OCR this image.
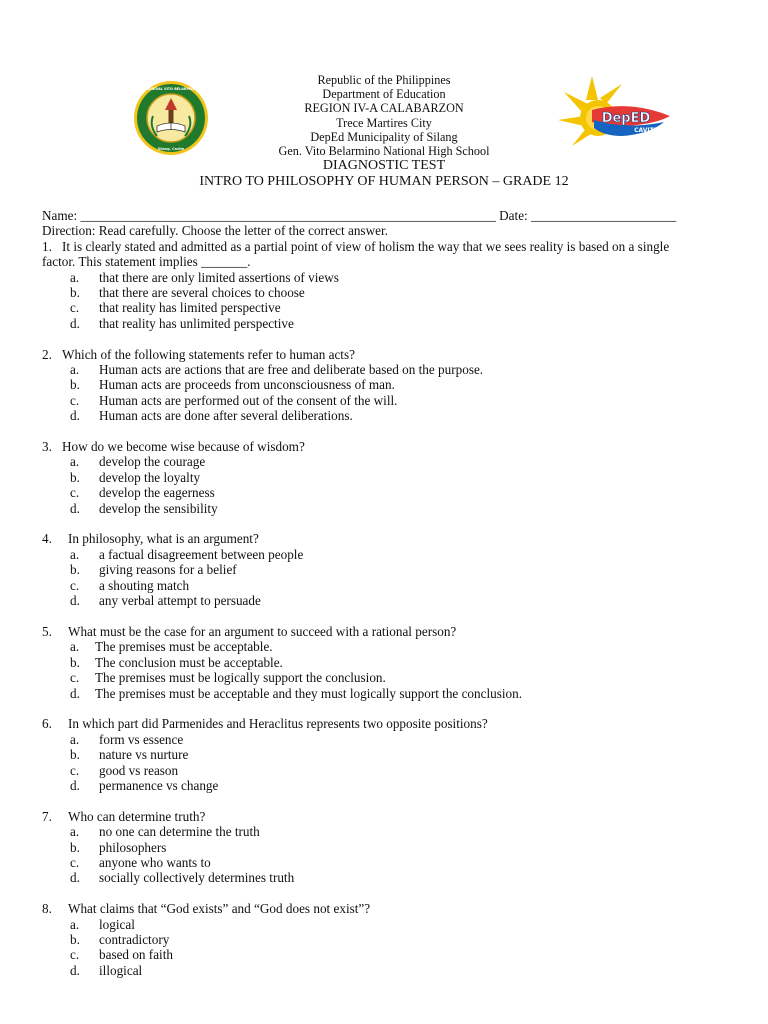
GENERAL VITO BELARMINO
Silang, Cavite
DepED
CAVITE
Republic of the Philippines
Department of Education
REGION IV-A CALABARZON
Trece Martires City
DepEd Municipality of Silang
Gen. Vito Belarmino National High School
DIAGNOSTIC TEST
INTRO TO PHILOSOPHY OF HUMAN PERSON – GRADE 12
Name: _______________________________________________________________ Date: ______________________
Direction: Read carefully. Choose the letter of the correct answer.
1. It is clearly stated and admitted as a partial point of view of holism the way that we sees reality is based on a single
factor. This statement implies _______.
a. that there are only limited assertions of views
b. that there are several choices to choose
c. that reality has limited perspective
d. that reality has unlimited perspective
2. Which of the following statements refer to human acts?
a. Human acts are actions that are free and deliberate based on the purpose.
b. Human acts are proceeds from unconsciousness of man.
c. Human acts are performed out of the consent of the will.
d. Human acts are done after several deliberations.
3. How do we become wise because of wisdom?
a. develop the courage
b. develop the loyalty
c. develop the eagerness
d. develop the sensibility
4. In philosophy, what is an argument?
a. a factual disagreement between people
b. giving reasons for a belief
c. a shouting match
d. any verbal attempt to persuade
5. What must be the case for an argument to succeed with a rational person?
a. The premises must be acceptable.
b. The conclusion must be acceptable.
c. The premises must be logically support the conclusion.
d. The premises must be acceptable and they must logically support the conclusion.
6. In which part did Parmenides and Heraclitus represents two opposite positions?
a. form vs essence
b. nature vs nurture
c. good vs reason
d. permanence vs change
7. Who can determine truth?
a. no one can determine the truth
b. philosophers
c. anyone who wants to
d. socially collectively determines truth
8. What claims that “God exists” and “God does not exist”?
a. logical
b. contradictory
c. based on faith
d. illogical
